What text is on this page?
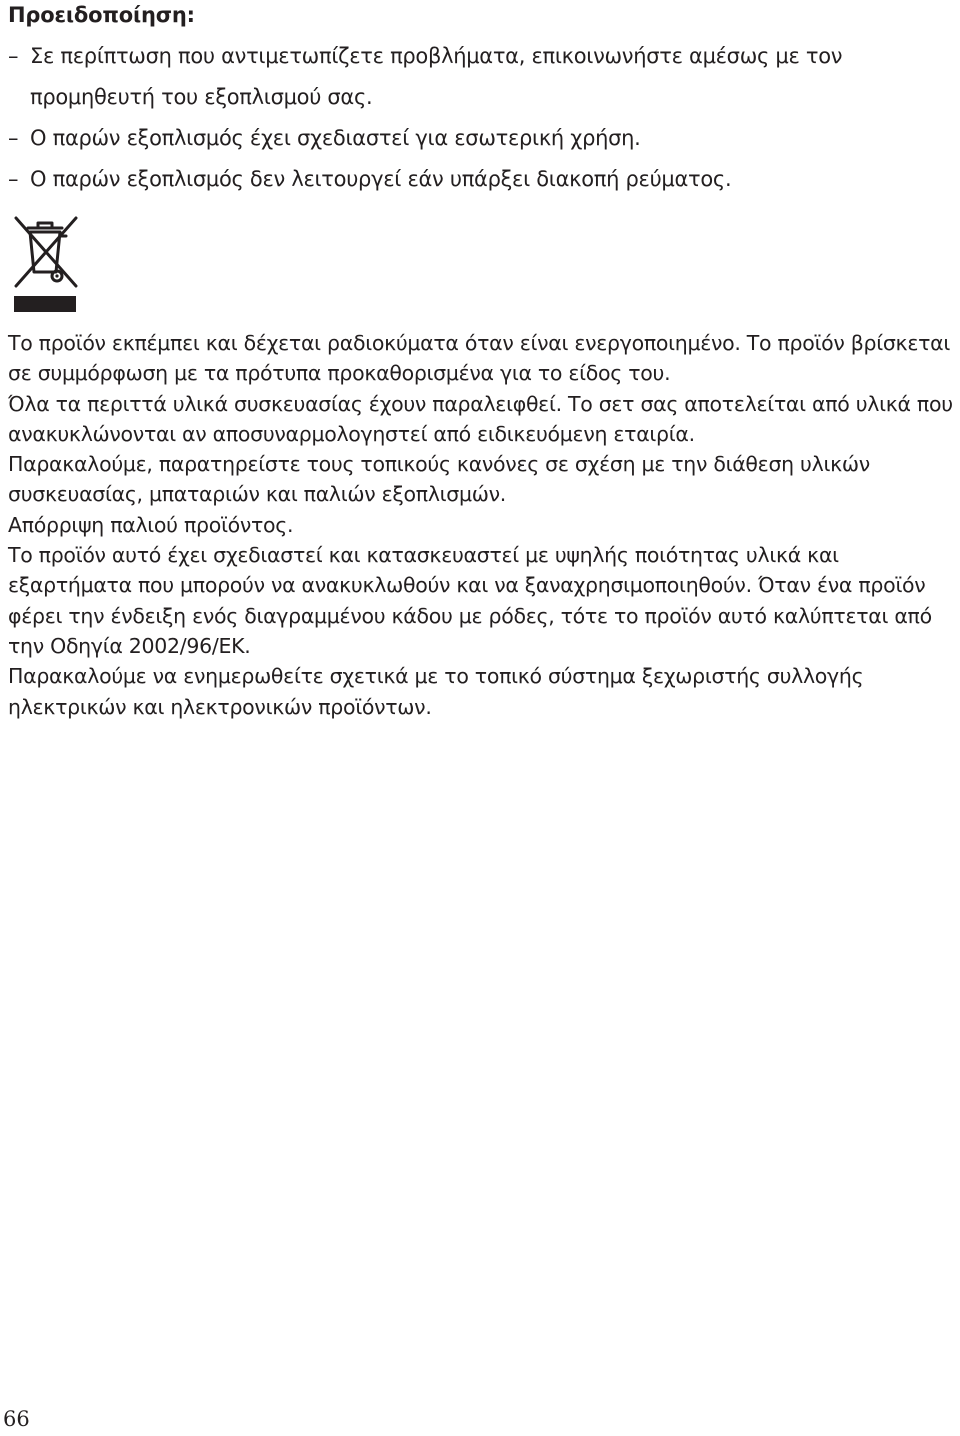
Προειδοποίηση:
– Σε περίπτωση που αντιμετωπίζετε προβλήματα, επικοινωνήστε αμέσως με τον
προμηθευτή του εξοπλισμού σας.
– Ο παρών εξοπλισμός έχει σχεδιαστεί για εσωτερική χρήση.
– Ο παρών εξοπλισμός δεν λειτουργεί εάν υπάρξει διακοπή ρεύματος.

Το προϊόν εκπέμπει και δέχεται ραδιοκύματα όταν είναι ενεργοποιημένο. Το προϊόν βρίσκεται σε συμμόρφωση με τα πρότυπα προκαθορισμένα για το είδος του.

Όλα τα περιττά υλικά συσκευασίας έχουν παραλειφθεί. Το σετ σας αποτελείται από υλικά που ανακυκλώνονται αν αποσυναρμολογηστεί από ειδικευόμενη εταιρία.

Παρακαλούμε, παρατηρείστε τους τοπικούς κανόνες σε σχέση με την διάθεση υλικών συσκευασίας, μπαταριών και παλιών εξοπλισμών.

Απόρριψη παλιού προϊόντος.

Το προϊόν αυτό έχει σχεδιαστεί και κατασκευαστεί με υψηλής ποιότητας υλικά και εξαρτήματα που μπορούν να ανακυκλωθούν και να ξαναχρησιμοποιηθούν. Όταν ένα προϊόν φέρει την ένδειξη ενός διαγραμμένου κάδου με ρόδες, τότε το προϊόν αυτό καλύπτεται από την Οδηγία 2002/96/ΕΚ.

Παρακαλούμε να ενημερωθείτε σχετικά με το τοπικό σύστημα ξεχωριστής συλλογής ηλεκτρικών και ηλεκτρονικών προϊόντων.

66
